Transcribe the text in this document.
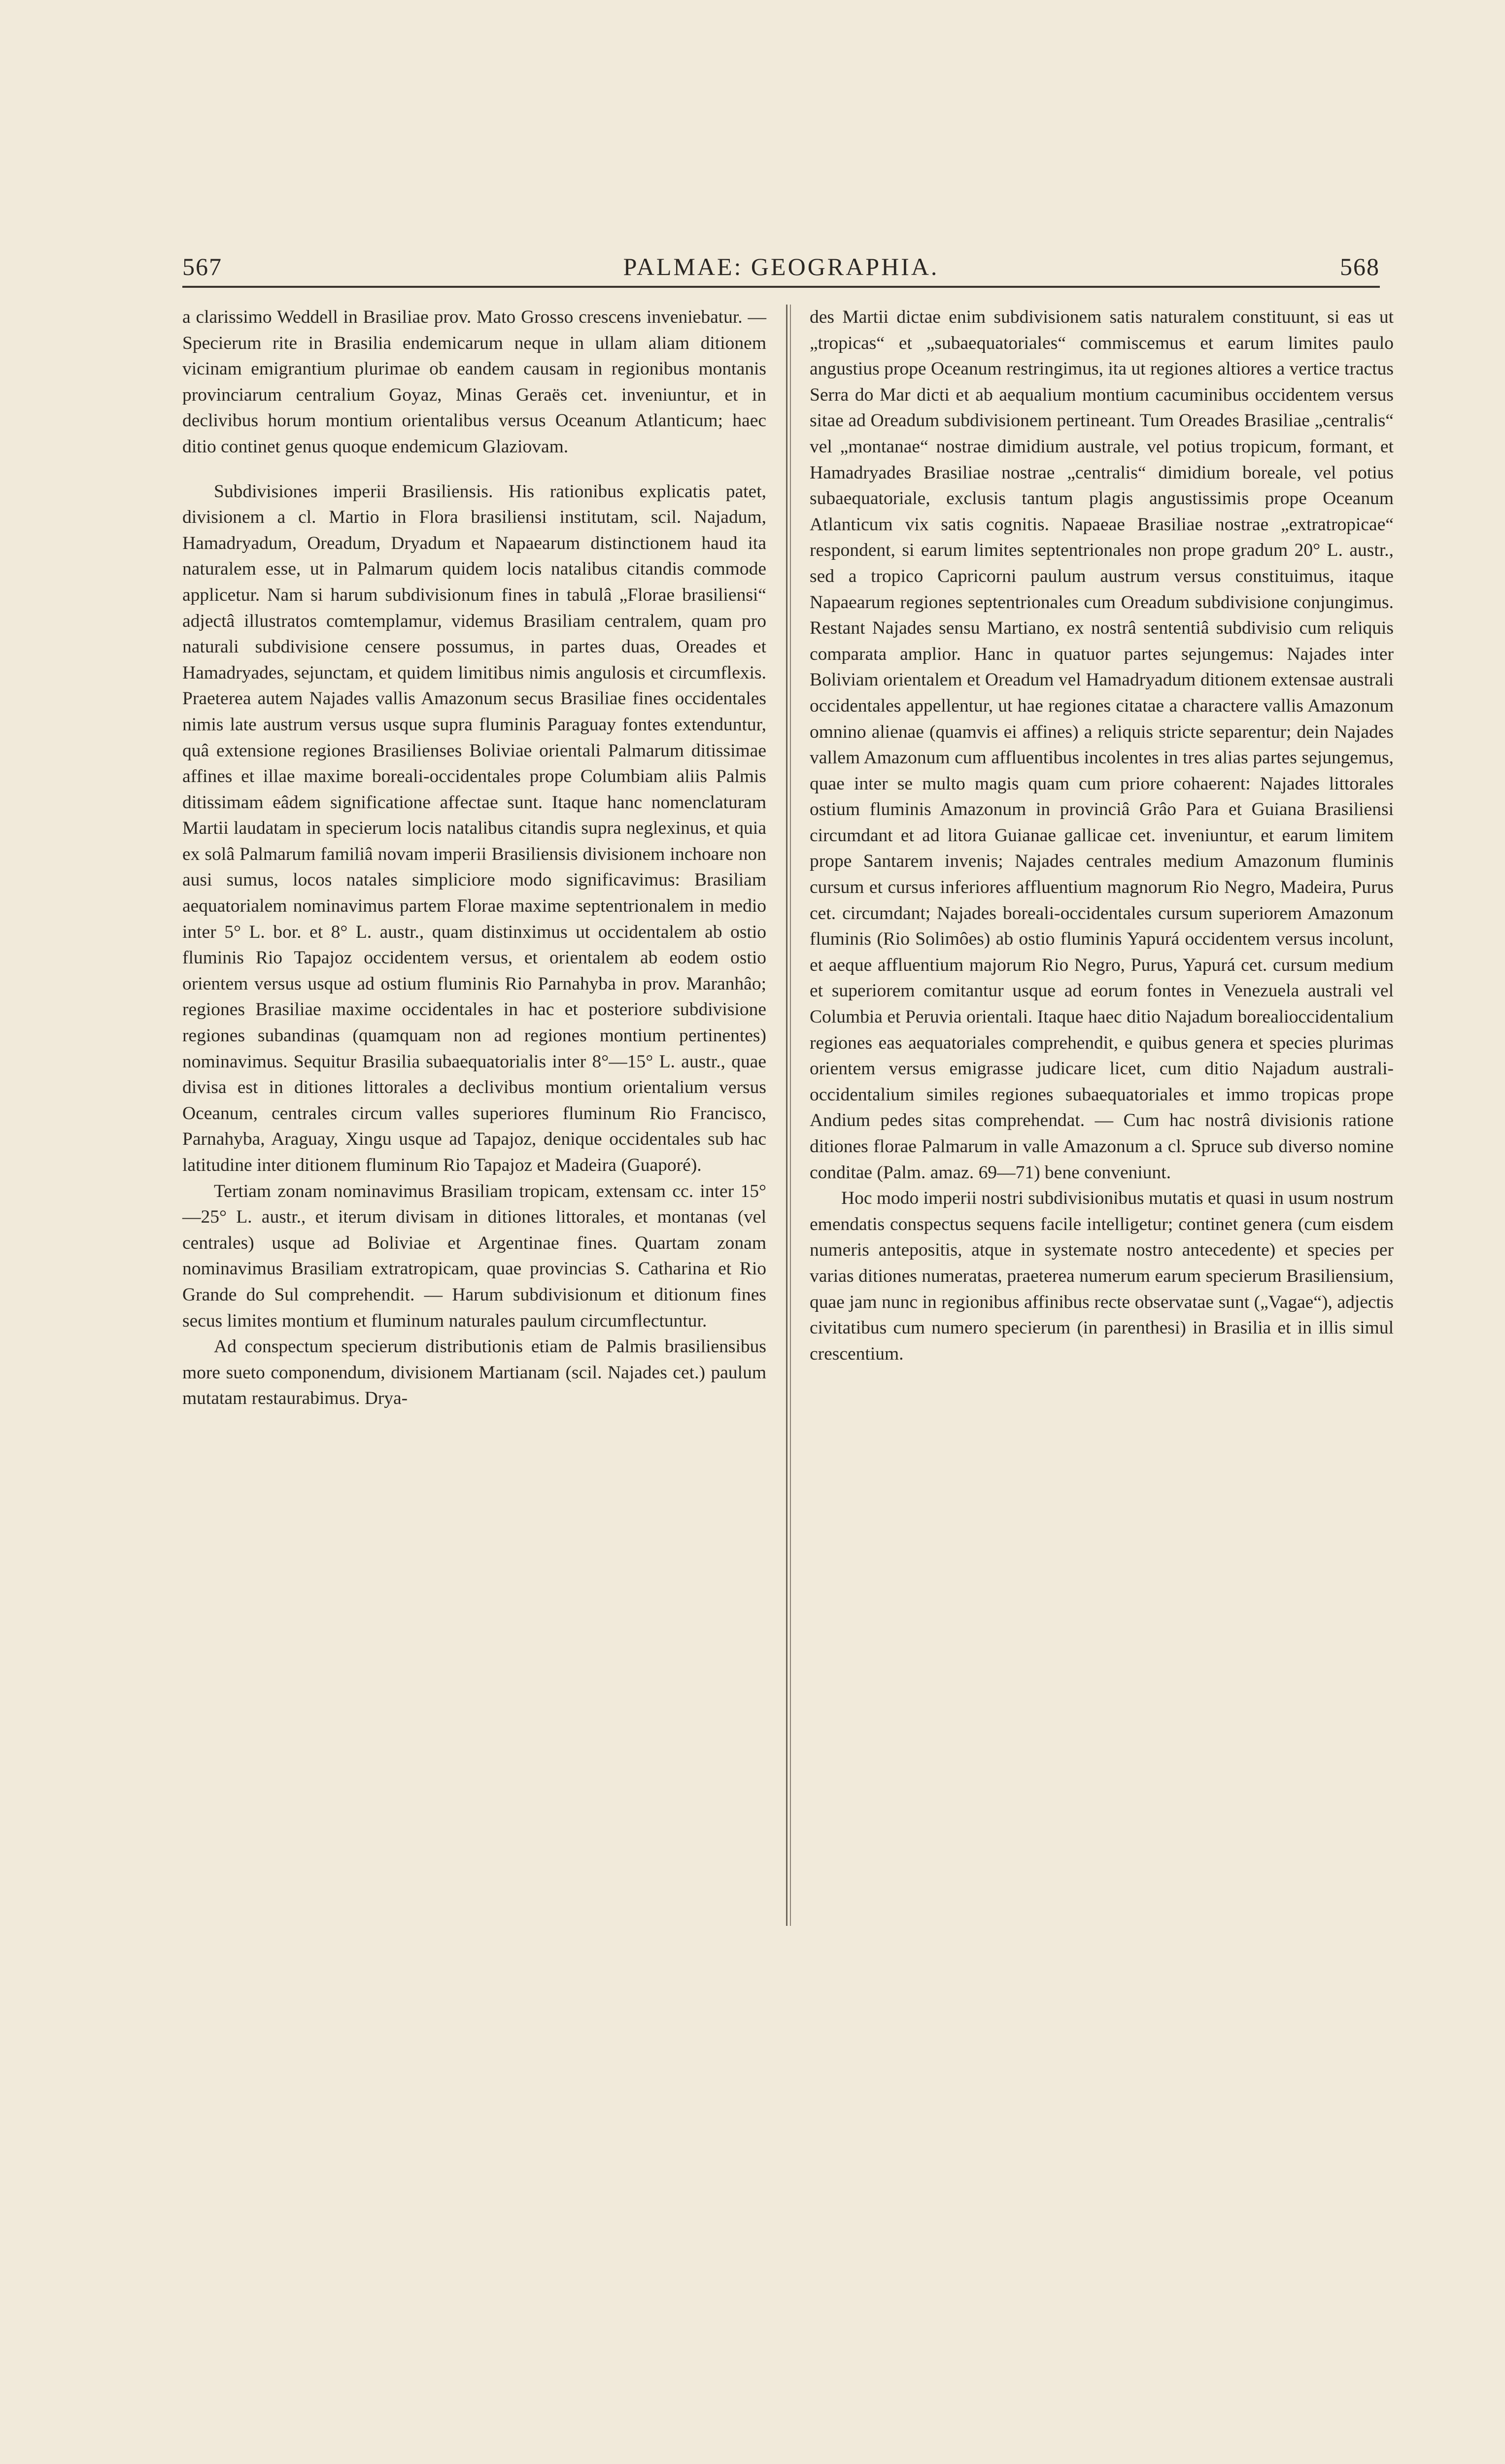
567	PALMAE: GEOGRAPHIA.	568

a clarissimo Weddell in Brasiliae prov. Mato Grosso crescens inveniebatur. — Specierum rite in Brasilia endemicarum neque in ullam aliam ditionem vicinam emigrantium plurimae ob eandem causam in regionibus montanis provinciarum centralium Goyaz, Minas Geraës cet. inveniuntur, et in declivibus horum montium orientalibus versus Oceanum Atlanticum; haec ditio continet genus quoque endemicum Glaziovam.

Subdivisiones imperii Brasiliensis. His rationibus explicatis patet, divisionem a cl. Martio in Flora brasiliensi institutam, scil. Najadum, Hamadryadum, Oreadum, Dryadum et Napaearum distinctionem haud ita naturalem esse, ut in Palmarum quidem locis natalibus citandis commode applicetur. Nam si harum subdivisionum fines in tabulâ „Florae brasiliensi“ adjectâ illustratos comtemplamur, videmus Brasiliam centralem, quam pro naturali subdivisione censere possumus, in partes duas, Oreades et Hamadryades, sejunctam, et quidem limitibus nimis angulosis et circumflexis. Praeterea autem Najades vallis Amazonum secus Brasiliae fines occidentales nimis late austrum versus usque supra fluminis Paraguay fontes extenduntur, quâ extensione regiones Brasilienses Boliviae orientali Palmarum ditissimae affines et illae maxime boreali-occidentales prope Columbiam aliis Palmis ditissimam eâdem significatione affectae sunt. Itaque hanc nomenclaturam Martii laudatam in specierum locis natalibus citandis supra neglexinus, et quia ex solâ Palmarum familiâ novam imperii Brasiliensis divisionem inchoare non ausi sumus, locos natales simpliciore modo significavimus: Brasiliam aequatorialem nominavimus partem Florae maxime septentrionalem in medio inter 5° L. bor. et 8° L. austr., quam distinximus ut occidentalem ab ostio fluminis Rio Tapajoz occidentem versus, et orientalem ab eodem ostio orientem versus usque ad ostium fluminis Rio Parnahyba in prov. Maranhâo; regiones Brasiliae maxime occidentales in hac et posteriore subdivisione regiones subandinas (quamquam non ad regiones montium pertinentes) nominavimus. Sequitur Brasilia subaequatorialis inter 8°—15° L. austr., quae divisa est in ditiones littorales a declivibus montium orientalium versus Oceanum, centrales circum valles superiores fluminum Rio Francisco, Parnahyba, Araguay, Xingu usque ad Tapajoz, denique occidentales sub hac latitudine inter ditionem fluminum Rio Tapajoz et Madeira (Guaporé).

Tertiam zonam nominavimus Brasiliam tropicam, extensam cc. inter 15°—25° L. austr., et iterum divisam in ditiones littorales, et montanas (vel centrales) usque ad Boliviae et Argentinae fines. Quartam zonam nominavimus Brasiliam extratropicam, quae provincias S. Catharina et Rio Grande do Sul comprehendit. — Harum subdivisionum et ditionum fines secus limites montium et fluminum naturales paulum circumflectuntur.

Ad conspectum specierum distributionis etiam de Palmis brasiliensibus more sueto componendum, divisionem Martianam (scil. Najades cet.) paulum mutatam restaurabimus. Drya-

des Martii dictae enim subdivisionem satis naturalem constituunt, si eas ut „tropicas“ et „subaequatoriales“ commiscemus et earum limites paulo angustius prope Oceanum restringimus, ita ut regiones altiores a vertice tractus Serra do Mar dicti et ab aequalium montium cacuminibus occidentem versus sitae ad Oreadum subdivisionem pertineant. Tum Oreades Brasiliae „centralis“ vel „montanae“ nostrae dimidium australe, vel potius tropicum, formant, et Hamadryades Brasiliae nostrae „centralis“ dimidium boreale, vel potius subaequatoriale, exclusis tantum plagis angustissimis prope Oceanum Atlanticum vix satis cognitis. Napaeae Brasiliae nostrae „extratropicae“ respondent, si earum limites septentrionales non prope gradum 20° L. austr., sed a tropico Capricorni paulum austrum versus constituimus, itaque Napaearum regiones septentrionales cum Oreadum subdivisione conjungimus. Restant Najades sensu Martiano, ex nostrâ sententiâ subdivisio cum reliquis comparata amplior. Hanc in quatuor partes sejungemus: Najades inter Boliviam orientalem et Oreadum vel Hamadryadum ditionem extensae australi occidentales appellentur, ut hae regiones citatae a charactere vallis Amazonum omnino alienae (quamvis ei affines) a reliquis stricte separentur; dein Najades vallem Amazonum cum affluentibus incolentes in tres alias partes sejungemus, quae inter se multo magis quam cum priore cohaerent: Najades littorales ostium fluminis Amazonum in provinciâ Grâo Para et Guiana Brasiliensi circumdant et ad litora Guianae gallicae cet. inveniuntur, et earum limitem prope Santarem invenis; Najades centrales medium Amazonum fluminis cursum et cursus inferiores affluentium magnorum Rio Negro, Madeira, Purus cet. circumdant; Najades boreali-occidentales cursum superiorem Amazonum fluminis (Rio Solimôes) ab ostio fluminis Yapurá occidentem versus incolunt, et aeque affluentium majorum Rio Negro, Purus, Yapurá cet. cursum medium et superiorem comitantur usque ad eorum fontes in Venezuela australi vel Columbia et Peruvia orientali. Itaque haec ditio Najadum borealioccidentalium regiones eas aequatoriales comprehendit, e quibus genera et species plurimas orientem versus emigrasse judicare licet, cum ditio Najadum australi-occidentalium similes regiones subaequatoriales et immo tropicas prope Andium pedes sitas comprehendat. — Cum hac nostrâ divisionis ratione ditiones florae Palmarum in valle Amazonum a cl. Spruce sub diverso nomine conditae (Palm. amaz. 69—71) bene conveniunt.

Hoc modo imperii nostri subdivisionibus mutatis et quasi in usum nostrum emendatis conspectus sequens facile intelligetur; continet genera (cum eisdem numeris antepositis, atque in systemate nostro antecedente) et species per varias ditiones numeratas, praeterea numerum earum specierum Brasiliensium, quae jam nunc in regionibus affinibus recte observatae sunt („Vagae“), adjectis civitatibus cum numero specierum (in parenthesi) in Brasilia et in illis simul crescentium.
